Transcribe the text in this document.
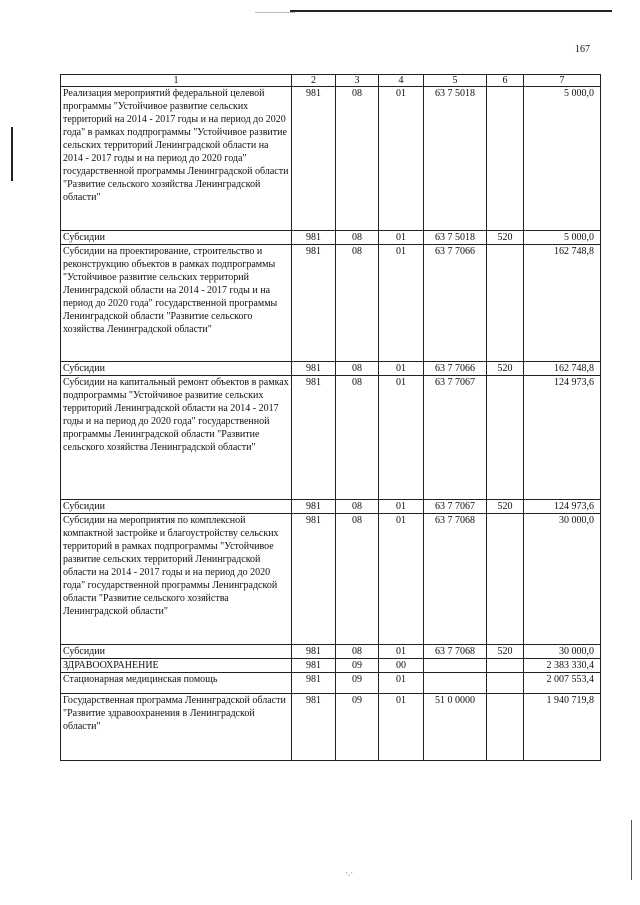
167
·.·
1	2	3	4	5	6	7
Реализация мероприятий федеральной целевой программы "Устойчивое развитие сельских территорий на 2014 - 2017 годы и на период до 2020 года" в рамках подпрограммы "Устойчивое развитие сельских территорий Ленинградской области на 2014 - 2017 годы и на период до 2020 года" государственной программы Ленинградской области "Развитие сельского хозяйства Ленинградской области"	981	08	01	63 7 5018		5 000,0
Субсидии	981	08	01	63 7 5018	520	5 000,0
Субсидии на проектирование, строительство и реконструкцию объектов в рамках подпрограммы "Устойчивое развитие сельских территорий Ленинградской области на 2014 - 2017 годы и на период до 2020 года" государственной программы Ленинградской области "Развитие сельского хозяйства Ленинградской области"	981	08	01	63 7 7066		162 748,8
Субсидии	981	08	01	63 7 7066	520	162 748,8
Субсидии на капитальный ремонт объектов в рамках подпрограммы "Устойчивое развитие сельских территорий Ленинградской области на 2014 - 2017 годы и на период до 2020 года" государственной программы Ленинградской области "Развитие сельского хозяйства Ленинградской области"	981	08	01	63 7 7067		124 973,6
Субсидии	981	08	01	63 7 7067	520	124 973,6
Субсидии на мероприятия по комплексной компактной застройке и благоустройству сельских территорий в рамках подпрограммы "Устойчивое развитие сельских территорий Ленинградской области на 2014 - 2017 годы и на период до 2020 года" государственной программы Ленинградской области "Развитие сельского хозяйства Ленинградской области"	981	08	01	63 7 7068		30 000,0
Субсидии	981	08	01	63 7 7068	520	30 000,0
ЗДРАВООХРАНЕНИЕ	981	09	00			2 383 330,4
Стационарная медицинская помощь	981	09	01			2 007 553,4
Государственная программа Ленинградской области "Развитие здравоохранения в Ленинградской области"	981	09	01	51 0 0000		1 940 719,8
